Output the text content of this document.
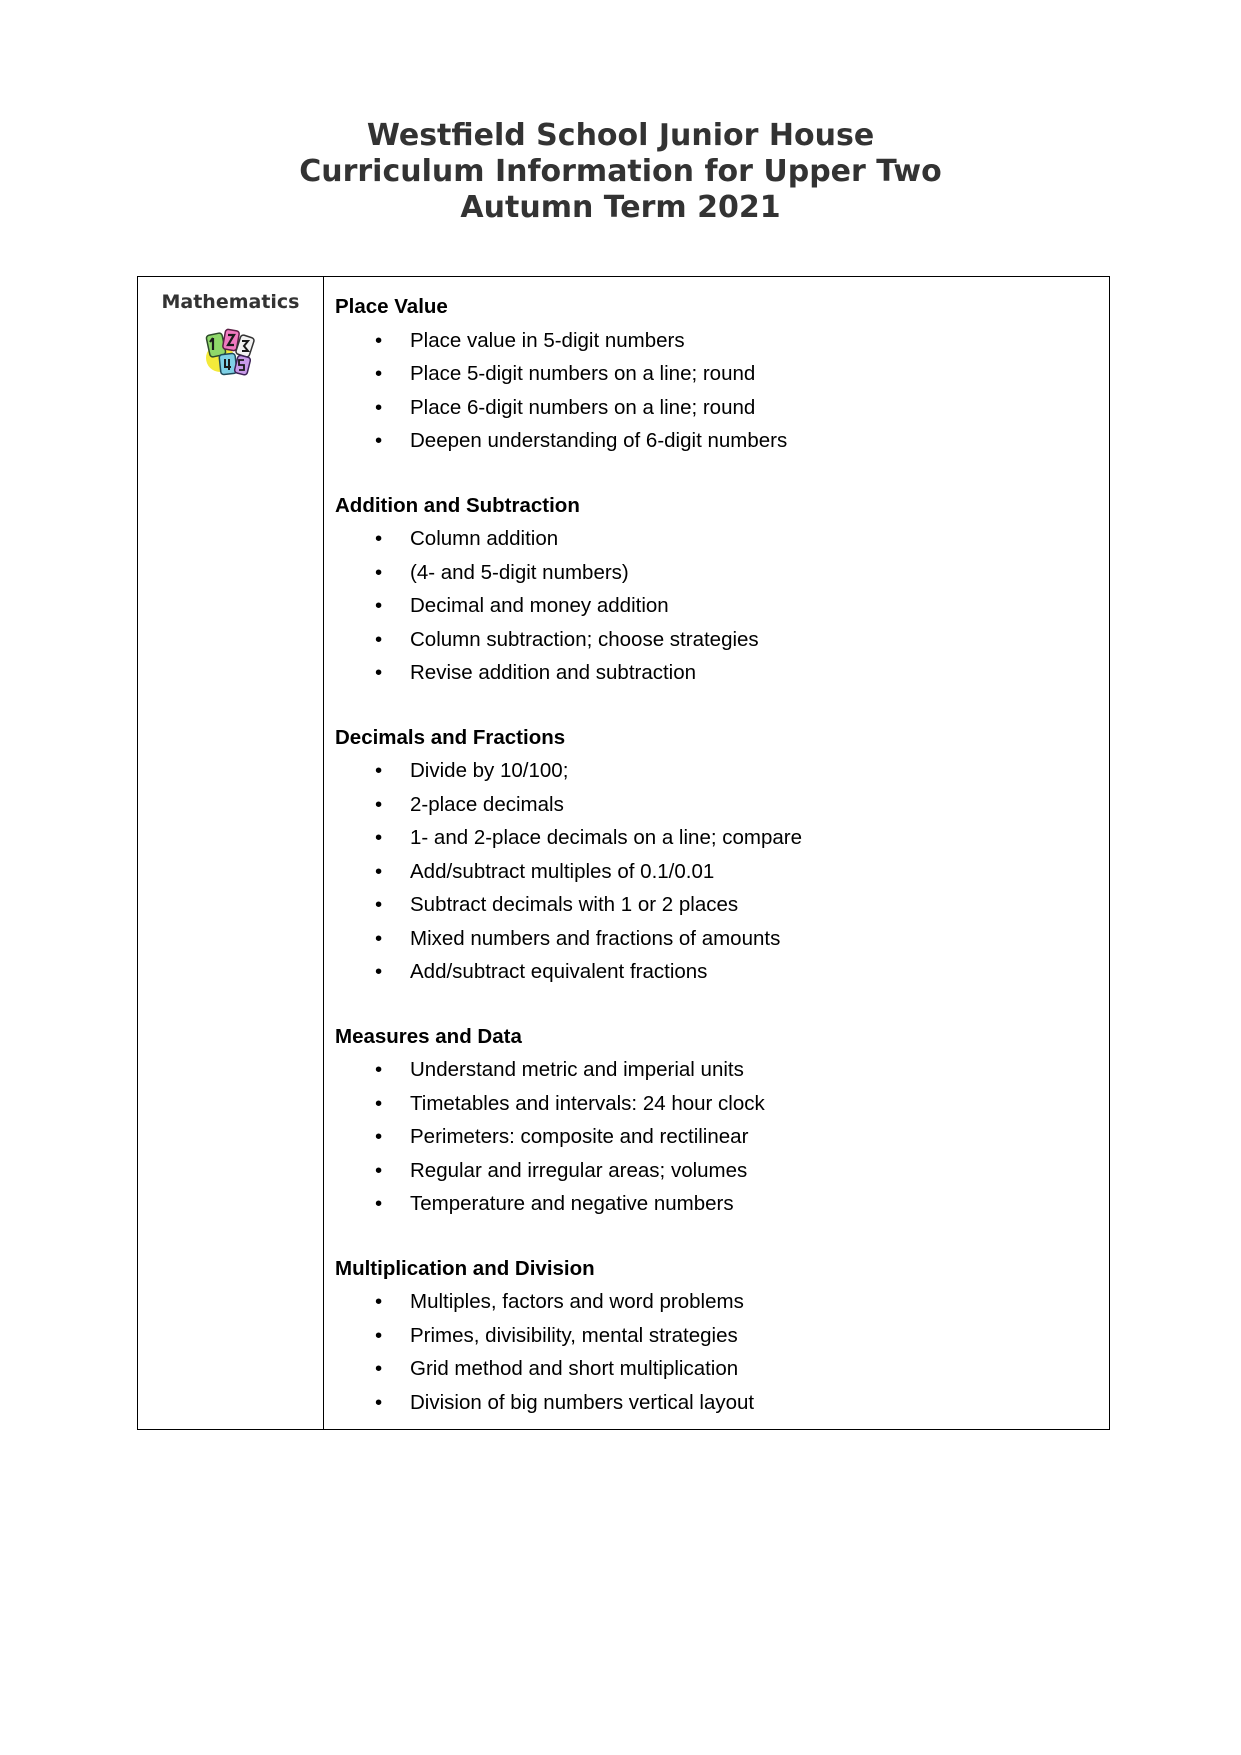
Westfield School Junior House
Curriculum Information for Upper Two
Autumn Term 2021
Mathematics	Place Value
• Place value in 5-digit numbers
• Place 5-digit numbers on a line; round
• Place 6-digit numbers on a line; round
• Deepen understanding of 6-digit numbers
Addition and Subtraction
• Column addition
• (4- and 5-digit numbers)
• Decimal and money addition
• Column subtraction; choose strategies
• Revise addition and subtraction
Decimals and Fractions
• Divide by 10/100;
• 2-place decimals
• 1- and 2-place decimals on a line; compare
• Add/subtract multiples of 0.1/0.01
• Subtract decimals with 1 or 2 places
• Mixed numbers and fractions of amounts
• Add/subtract equivalent fractions
Measures and Data
• Understand metric and imperial units
• Timetables and intervals: 24 hour clock
• Perimeters: composite and rectilinear
• Regular and irregular areas; volumes
• Temperature and negative numbers
Multiplication and Division
• Multiples, factors and word problems
• Primes, divisibility, mental strategies
• Grid method and short multiplication
• Division of big numbers vertical layout
